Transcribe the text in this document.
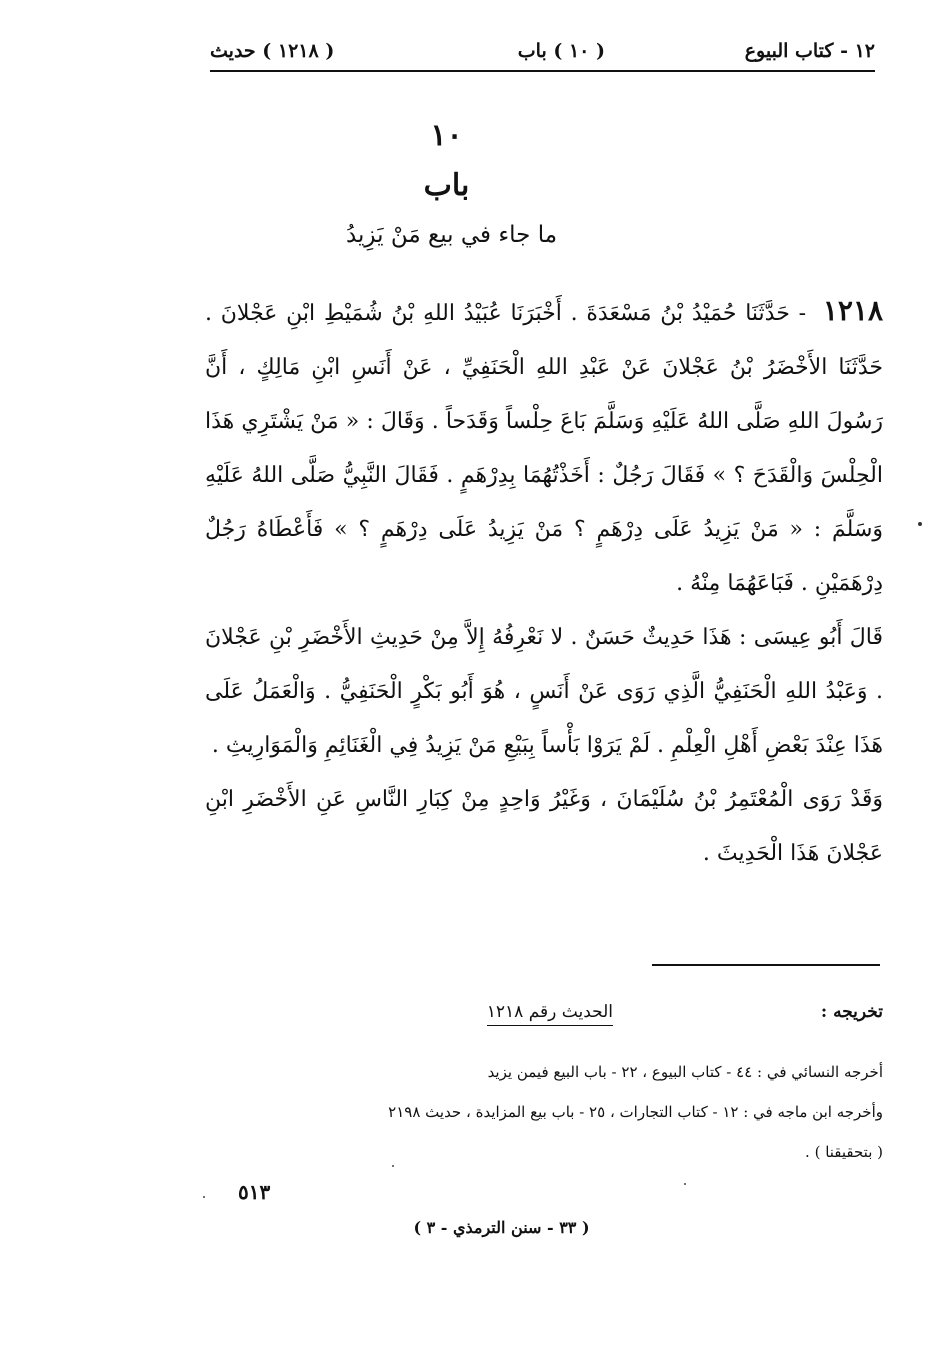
١٢ - كتاب البيوع
( ١٠ ) باب
( ١٢١٨ ) حديث
١٠
باب
ما جاء في بيع مَنْ يَزِيدُ

١٢١٨ - حَدَّثَنَا حُمَيْدُ بْنُ مَسْعَدَةَ . أَخْبَرَنَا عُبَيْدُ اللهِ بْنُ شُمَيْطِ ابْنِ عَجْلانَ . حَدَّثَنَا الأَخْضَرُ بْنُ عَجْلانَ عَنْ عَبْدِ اللهِ الْحَنَفِيِّ ، عَنْ أَنَسِ ابْنِ مَالِكٍ ، أَنَّ رَسُولَ اللهِ صَلَّى اللهُ عَلَيْهِ وَسَلَّمَ بَاعَ حِلْساً وَقَدَحاً . وَقَالَ : « مَنْ يَشْتَرِي هَذَا الْحِلْسَ وَالْقَدَحَ ؟ » فَقَالَ رَجُلٌ : أَخَذْتُهُمَا بِدِرْهَمٍ . فَقَالَ النَّبِيُّ صَلَّى اللهُ عَلَيْهِ وَسَلَّمَ : « مَنْ يَزِيدُ عَلَى دِرْهَمٍ ؟ مَنْ يَزِيدُ عَلَى دِرْهَمٍ ؟ » فَأَعْطَاهُ رَجُلٌ دِرْهَمَيْنِ . فَبَاعَهُمَا مِنْهُ .

قَالَ أَبُو عِيسَى : هَذَا حَدِيثٌ حَسَنٌ . لا نَعْرِفُهُ إِلاَّ مِنْ حَدِيثِ الأَخْضَرِ بْنِ عَجْلانَ . وَعَبْدُ اللهِ الْحَنَفِيُّ الَّذِي رَوَى عَنْ أَنَسٍ ، هُوَ أَبُو بَكْرٍ الْحَنَفِيُّ . وَالْعَمَلُ عَلَى هَذَا عِنْدَ بَعْضِ أَهْلِ الْعِلْمِ . لَمْ يَرَوْا بَأْساً بِبَيْعِ مَنْ يَزِيدُ فِي الْغَنَائِمِ وَالْمَوَارِيثِ .

وَقَدْ رَوَى الْمُعْتَمِرُ بْنُ سُلَيْمَانَ ، وَغَيْرُ وَاحِدٍ مِنْ كِبَارِ النَّاسِ عَنِ الأَخْضَرِ ابْنِ عَجْلانَ هَذَا الْحَدِيثَ .

تخريجه :
الحديث رقم ١٢١٨
أخرجه النسائي في : ٤٤ - كتاب البيوع ، ٢٢ - باب البيع فيمن يزيد
وأخرجه ابن ماجه في : ١٢ - كتاب التجارات ، ٢٥ - باب بيع المزايدة ، حديث ٢١٩٨
( بتحقيقنا ) .
٥١٣
( ٣٣ - سنن الترمذي - ٣ )
